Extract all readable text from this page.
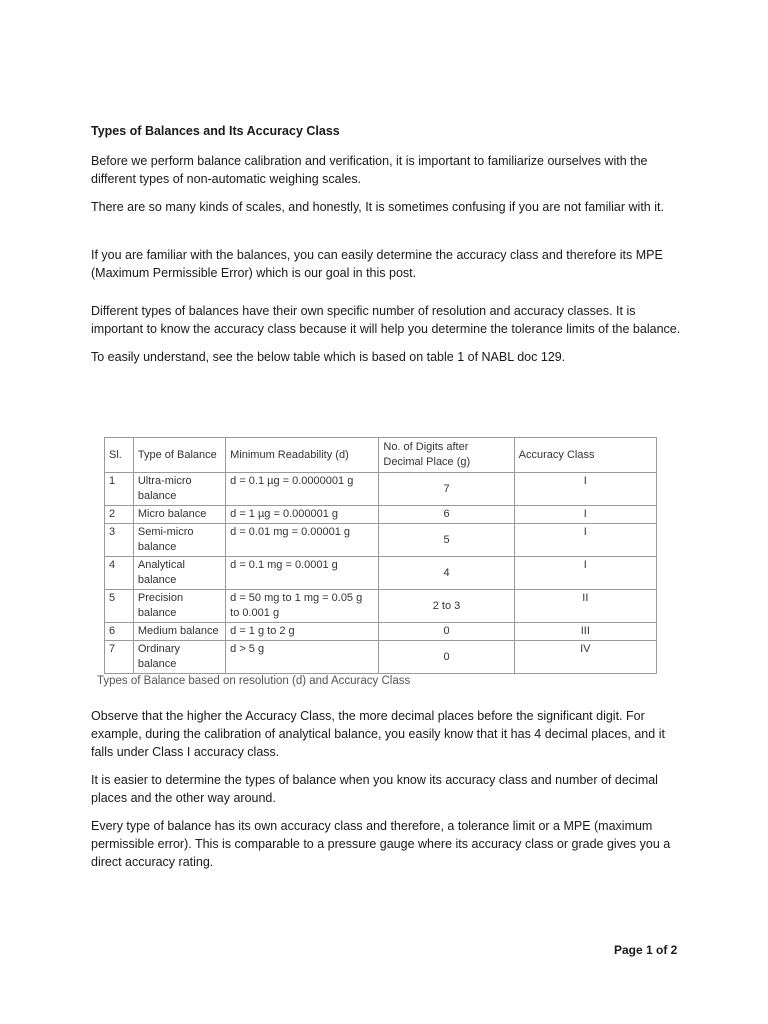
Types of Balances and Its Accuracy Class

Before we perform balance calibration and verification, it is important to familiarize ourselves with the different types of non-automatic weighing scales.

There are so many kinds of scales, and honestly, It is sometimes confusing if you are not familiar with it.

If you are familiar with the balances, you can easily determine the accuracy class and therefore its MPE (Maximum Permissible Error) which is our goal in this post.

Different types of balances have their own specific number of resolution and accuracy classes. It is important to know the accuracy class because it will help you determine the tolerance limits of the balance.

To easily understand, see the below table which is based on table 1 of NABL doc 129.

Sl.	Type of Balance	Minimum Readability (d)	No. of Digits after Decimal Place (g)	Accuracy Class
1	Ultra-micro balance	d = 0.1 µg = 0.0000001 g	7	I
2	Micro balance	d = 1 µg = 0.000001 g	6	I
3	Semi-micro balance	d = 0.01 mg = 0.00001 g	5	I
4	Analytical balance	d = 0.1 mg = 0.0001 g	4	I
5	Precision balance	d = 50 mg to 1 mg = 0.05 g to 0.001 g	2 to 3	II
6	Medium balance	d = 1 g to 2 g	0	III
7	Ordinary balance	d > 5 g	0	IV
Types of Balance based on resolution (d) and Accuracy Class

Observe that the higher the Accuracy Class, the more decimal places before the significant digit. For example, during the calibration of analytical balance, you easily know that it has 4 decimal places, and it falls under Class I accuracy class.

It is easier to determine the types of balance when you know its accuracy class and number of decimal places and the other way around.

Every type of balance has its own accuracy class and therefore, a tolerance limit or a MPE (maximum permissible error). This is comparable to a pressure gauge where its accuracy class or grade gives you a direct accuracy rating.

Page 1 of 2
